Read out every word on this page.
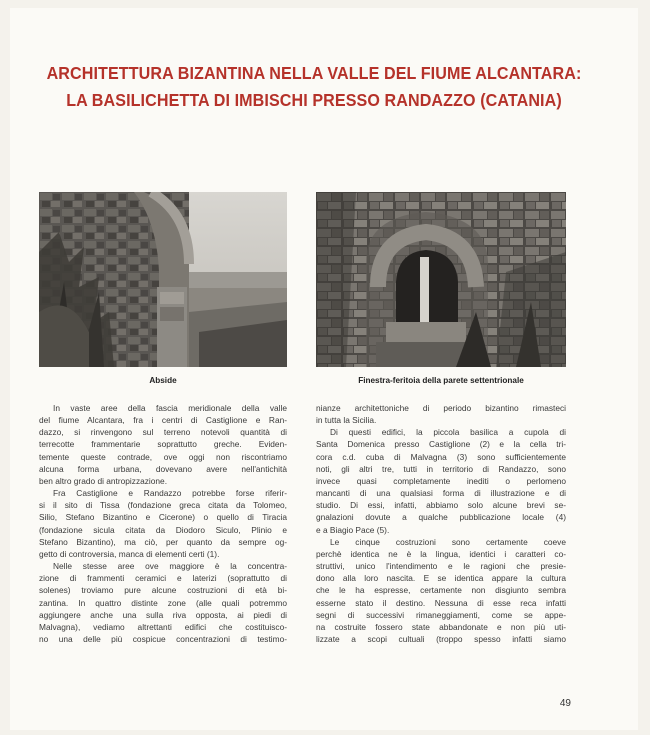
ARCHITETTURA BIZANTINA NELLA VALLE DEL FIUME ALCANTARA:
LA BASILICHETTA DI IMBISCHI PRESSO RANDAZZO (CATANIA)
Abside	Finestra-feritoia della parete settentrionale
In vaste aree della fascia meridionale della valle
del fiume Alcantara, fra i centri di Castiglione e Ran-
dazzo, si rinvengono sul terreno notevoli quantità di
terrecotte frammentarie soprattutto greche. Eviden-
temente queste contrade, ove oggi non riscontriamo
alcuna forma urbana, dovevano avere nell'antichità
ben altro grado di antropizzazione.
Fra Castiglione e Randazzo potrebbe forse riferir-
si il sito di Tissa (fondazione greca citata da Tolomeo,
Silio, Stefano Bizantino e Cicerone) o quello di Tiracia
(fondazione sicula citata da Diodoro Siculo, Plinio e
Stefano Bizantino), ma ciò, per quanto da sempre og-
getto di controversia, manca di elementi certi (1).
Nelle stesse aree ove maggiore è la concentra-
zione di frammenti ceramici e laterizi (soprattutto di
solenes) troviamo pure alcune costruzioni di età bi-
zantina. In quattro distinte zone (alle quali potremmo
aggiungere anche una sulla riva opposta, ai piedi di
Malvagna), vediamo altrettanti edifici che costituisco-
no una delle più cospicue concentrazioni di testimo-
nianze architettoniche di periodo bizantino rimasteci
in tutta la Sicilia.
Di questi edifici, la piccola basilica a cupola di
Santa Domenica presso Castiglione (2) e la cella tri-
cora c.d. cuba di Malvagna (3) sono sufficientemente
noti, gli altri tre, tutti in territorio di Randazzo, sono
invece quasi completamente inediti o perlomeno
mancanti di una qualsiasi forma di illustrazione e di
studio. Di essi, infatti, abbiamo solo alcune brevi se-
gnalazioni dovute a qualche pubblicazione locale (4)
e a Biagio Pace (5).
Le cinque costruzioni sono certamente coeve
perchè identica ne è la lingua, identici i caratteri co-
struttivi, unico l'intendimento e le ragioni che presie-
dono alla loro nascita. E se identica appare la cultura
che le ha espresse, certamente non disgiunto sembra
esserne stato il destino. Nessuna di esse reca infatti
segni di successivi rimaneggiamenti, come se appe-
na costruite fossero state abbandonate e non più uti-
lizzate a scopi cultuali (troppo spesso infatti siamo
49
